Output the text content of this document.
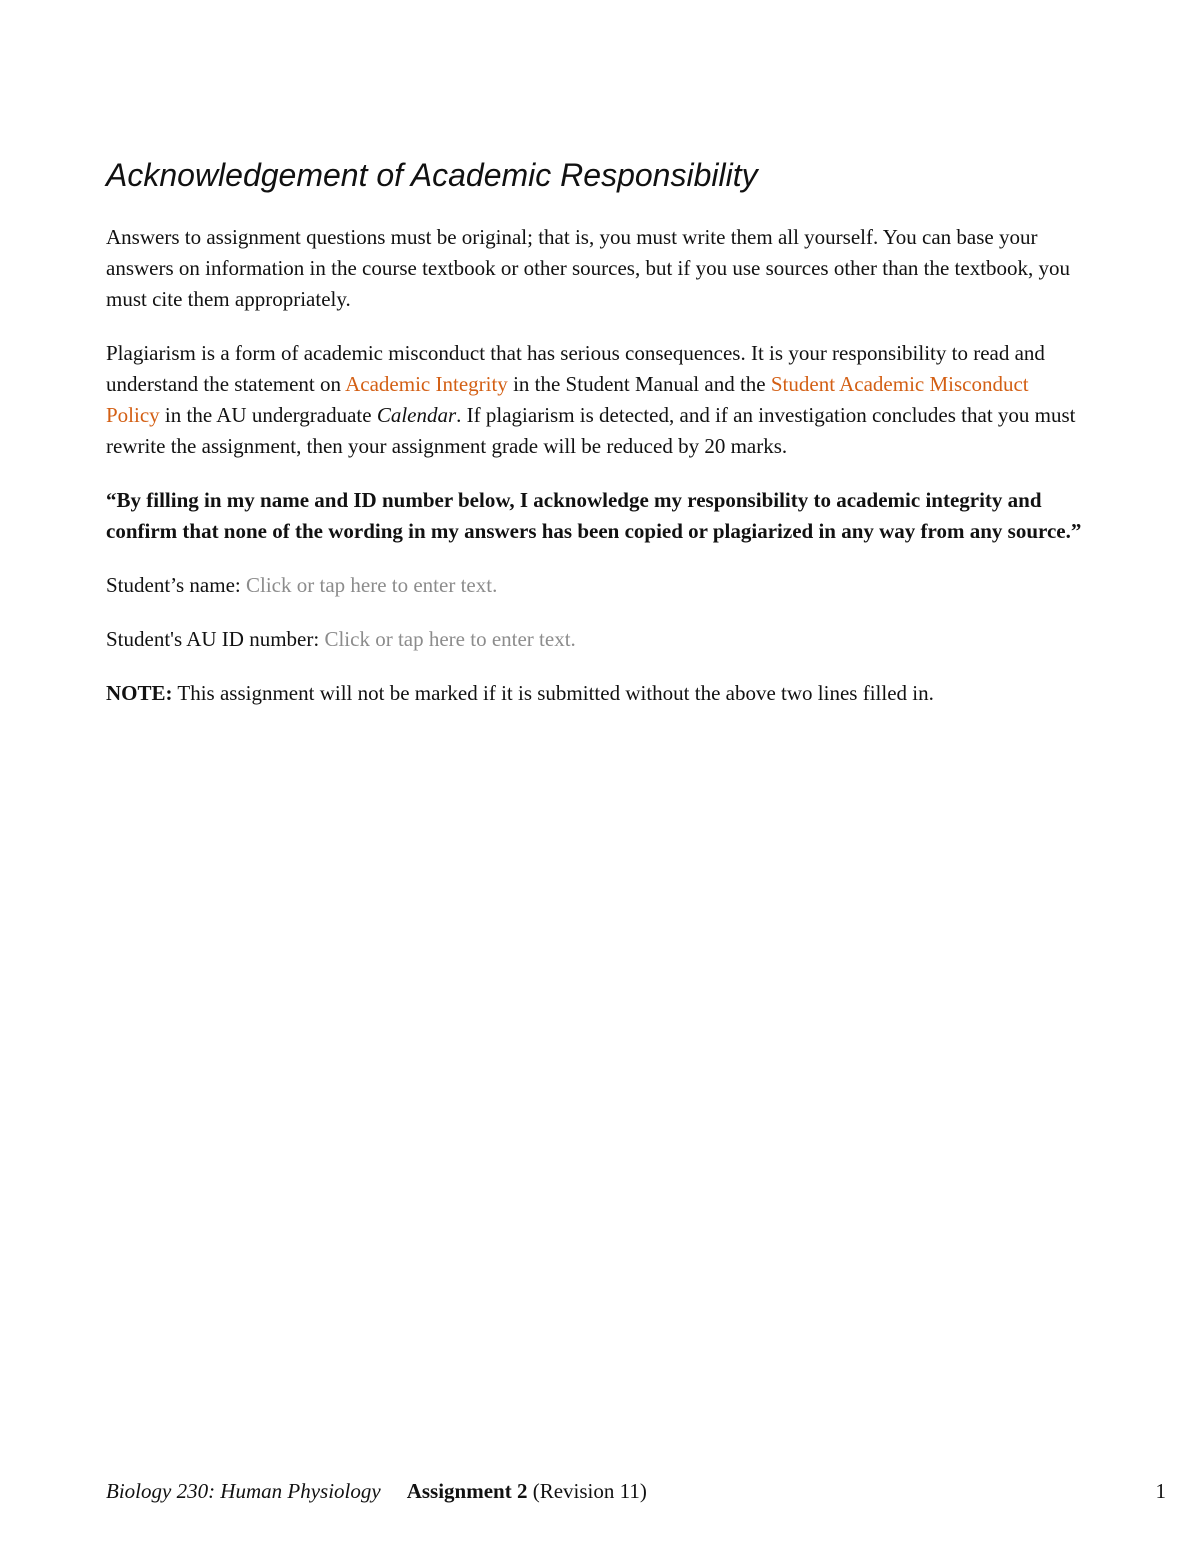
Acknowledgement of Academic Responsibility

Answers to assignment questions must be original; that is, you must write them all yourself. You can base your answers on information in the course textbook or other sources, but if you use sources other than the textbook, you must cite them appropriately.

Plagiarism is a form of academic misconduct that has serious consequences. It is your responsibility to read and understand the statement on Academic Integrity in the Student Manual and the Student Academic Misconduct Policy in the AU undergraduate Calendar. If plagiarism is detected, and if an investigation concludes that you must rewrite the assignment, then your assignment grade will be reduced by 20 marks.

“By filling in my name and ID number below, I acknowledge my responsibility to academic integrity and confirm that none of the wording in my answers has been copied or plagiarized in any way from any source.”

Student’s name: Click or tap here to enter text.

Student's AU ID number: Click or tap here to enter text.

NOTE: This assignment will not be marked if it is submitted without the above two lines filled in.

Biology 230: Human Physiology Assignment 2 (Revision 11)	1
